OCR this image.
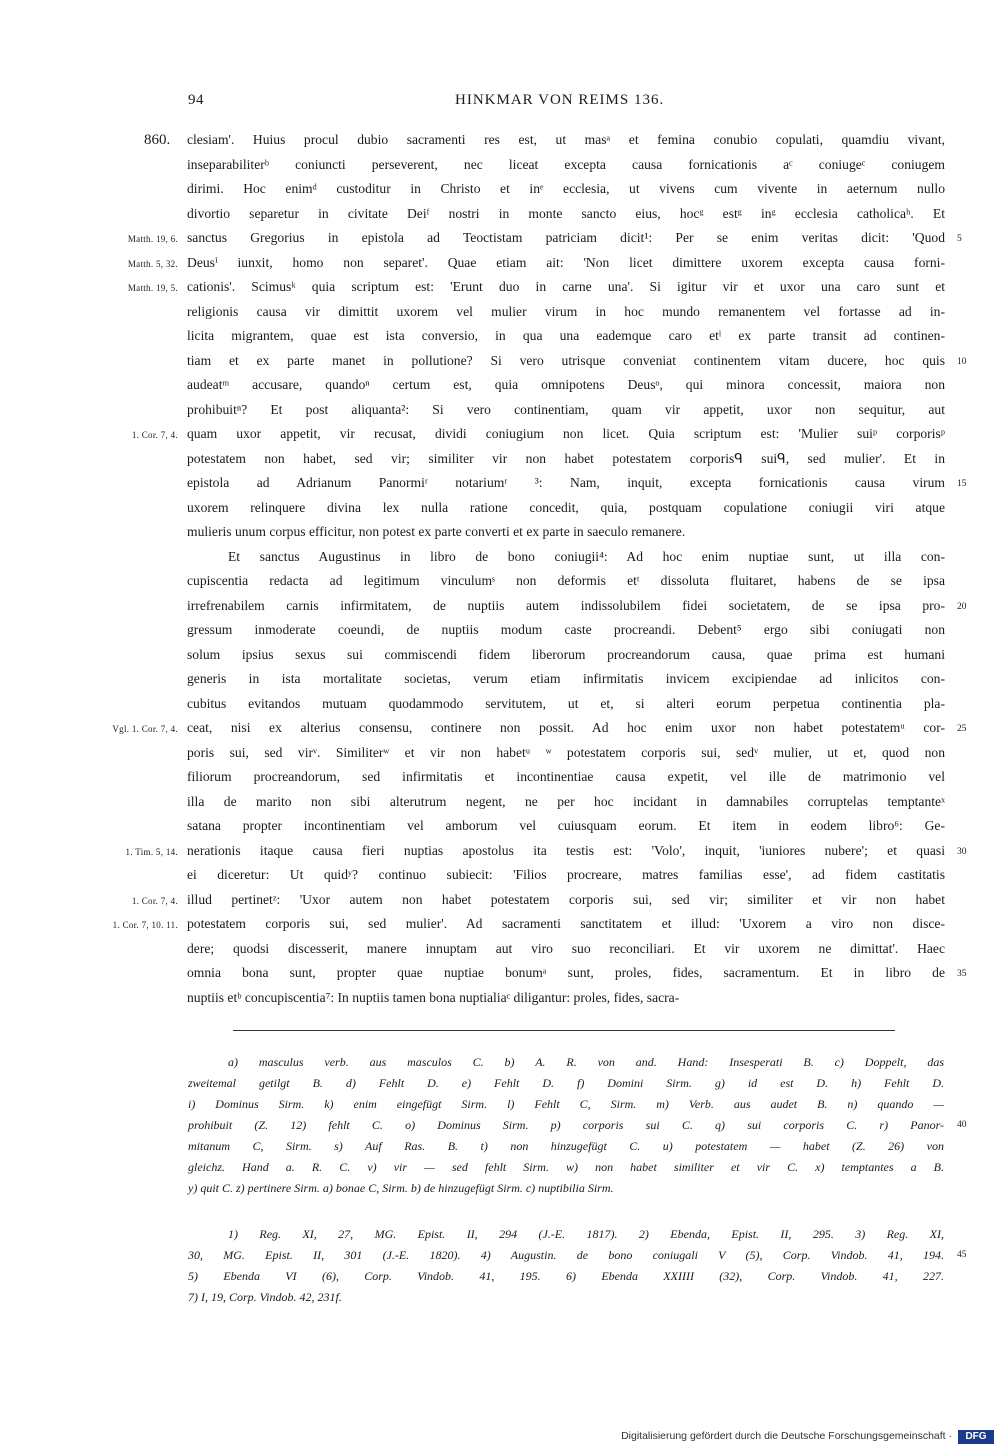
94	HINKMAR VON REIMS 136.
860. clesiam'. Huius procul dubio sacramenti res est, ut masᵃ et femina conubio copulati, quamdiu vivant,
inseparabiliterᵇ coniuncti perseverent, nec liceat excepta causa fornicationis aᶜ coniugeᶜ coniugem
dirimi. Hoc enimᵈ custoditur in Christo et inᵉ ecclesia, ut vivens cum vivente in aeternum nullo
divortio separetur in civitate Deiᶠ nostri in monte sancto eius, hocᵍ estᵍ inᵍ ecclesia catholicaʰ. Et
sanctus Gregorius in epistola ad Teoctistam patriciam dicit¹: Per se enim veritas dicit: 'Quod
Deusⁱ iunxit, homo non separet'. Quae etiam ait: 'Non licet dimittere uxorem excepta causa forni-
cationis'. Scimusᵏ quia scriptum est: 'Erunt duo in carne una'. Si igitur vir et uxor una caro sunt et
religionis causa vir dimittit uxorem vel mulier virum in hoc mundo remanentem vel fortasse ad in-
licita migrantem, quae est ista conversio, in qua una eademque caro etˡ ex parte transit ad continen-
tiam et ex parte manet in pollutione? Si vero utrisque conveniat continentem vitam ducere, hoc quis
audeatᵐ accusare, quandoⁿ certum est, quia omnipotens Deusᵒ, qui minora concessit, maiora non
prohibuitⁿ? Et post aliquanta²: Si vero continentiam, quam vir appetit, uxor non sequitur, aut
quam uxor appetit, vir recusat, dividi coniugium non licet. Quia scriptum est: 'Mulier suiᵖ corporisᵖ
potestatem non habet, sed vir; similiter vir non habet potestatem corporisᑫ suiᑫ, sed mulier'. Et in
epistola ad Adrianum Panormiʳ notariumʳ ³: Nam, inquit, excepta fornicationis causa virum
uxorem relinquere divina lex nulla ratione concedit, quia, postquam copulatione coniugii viri atque
mulieris unum corpus efficitur, non potest ex parte converti et ex parte in saeculo remanere.
Et sanctus Augustinus in libro de bono coniugii⁴: Ad hoc enim nuptiae sunt, ut illa con-
cupiscentia redacta ad legitimum vinculumˢ non deformis etᵗ dissoluta fluitaret, habens de se ipsa
irrefrenabilem carnis infirmitatem, de nuptiis autem indissolubilem fidei societatem, de se ipsa pro-
gressum inmoderate coeundi, de nuptiis modum caste procreandi. Debent⁵ ergo sibi coniugati non
solum ipsius sexus sui commiscendi fidem liberorum procreandorum causa, quae prima est humani
generis in ista mortalitate societas, verum etiam infirmitatis invicem excipiendae ad inlicitos con-
cubitus evitandos mutuam quodammodo servitutem, ut et, si alteri eorum perpetua continentia pla-
ceat, nisi ex alterius consensu, continere non possit. Ad hoc enim uxor non habet potestatemᵘ cor-
poris sui, sed virᵛ. Similiterʷ et vir non habetᵘ ʷ potestatem corporis sui, sedᵛ mulier, ut et, quod non
filiorum procreandorum, sed infirmitatis et incontinentiae causa expetit, vel ille de matrimonio vel
illa de marito non sibi alterutrum negent, ne per hoc incidant in damnabiles corruptelas temptanteˣ
satana propter incontinentiam vel amborum vel cuiusquam eorum. Et item in eodem libro⁶: Ge-
nerationis itaque causa fieri nuptias apostolus ita testis est: 'Volo', inquit, 'iuniores nubere'; et quasi
ei diceretur: Ut quidʸ? continuo subiecit: 'Filios procreare, matres familias esse', ad fidem castitatis
illud pertinetᶻ: 'Uxor autem non habet potestatem corporis sui, sed vir; similiter et vir non habet
potestatem corporis sui, sed mulier'. Ad sacramenti sanctitatem et illud: 'Uxorem a viro non disce-
dere; quodsi discesserit, manere innuptam aut viro suo reconciliari. Et vir uxorem ne dimittat'. Haec
omnia bona sunt, propter quae nuptiae bonumᵃ sunt, proles, fides, sacramentum. Et in libro de
nuptiis etᵇ concupiscentia⁷: In nuptiis tamen bona nuptialiaᶜ diligantur: proles, fides, sacra-
Matth. 19, 6.
Matth. 5, 32.
Matth. 19, 5.
1. Cor. 7, 4.
Vgl. 1. Cor. 7, 4.
1. Tim. 5, 14.
1. Cor. 7, 4.
1. Cor. 7, 10. 11.
5
10
15
20
25
30
35
a) masculus verb. aus masculos C. b) A. R. von and. Hand: Insesperati B. c) Doppelt, das
zweitemal getilgt B. d) Fehlt D. e) Fehlt D. f) Domini Sirm. g) id est D. h) Fehlt D.
i) Dominus Sirm. k) enim eingefügt Sirm. l) Fehlt C, Sirm. m) Verb. aus audet B. n) quando —
prohibuit (Z. 12) fehlt C. o) Dominus Sirm. p) corporis sui C. q) sui corporis C. r) Panor-
mitanum C, Sirm. s) Auf Ras. B. t) non hinzugefügt C. u) potestatem — habet (Z. 26) von
gleichz. Hand a. R. C. v) vir — sed fehlt Sirm. w) non habet similiter et vir C. x) temptantes a B.
y) quit C. z) pertinere Sirm. a) bonae C, Sirm. b) de hinzugefügt Sirm. c) nuptibilia Sirm.
40
1) Reg. XI, 27, MG. Epist. II, 294 (J.-E. 1817). 2) Ebenda, Epist. II, 295. 3) Reg. XI,
30, MG. Epist. II, 301 (J.-E. 1820). 4) Augustin. de bono coniugali V (5), Corp. Vindob. 41, 194.
5) Ebenda VI (6), Corp. Vindob. 41, 195. 6) Ebenda XXIIII (32), Corp. Vindob. 41, 227.
7) I, 19, Corp. Vindob. 42, 231f.
45
Digitalisierung gefördert durch die Deutsche Forschungsgemeinschaft ·	DFG
